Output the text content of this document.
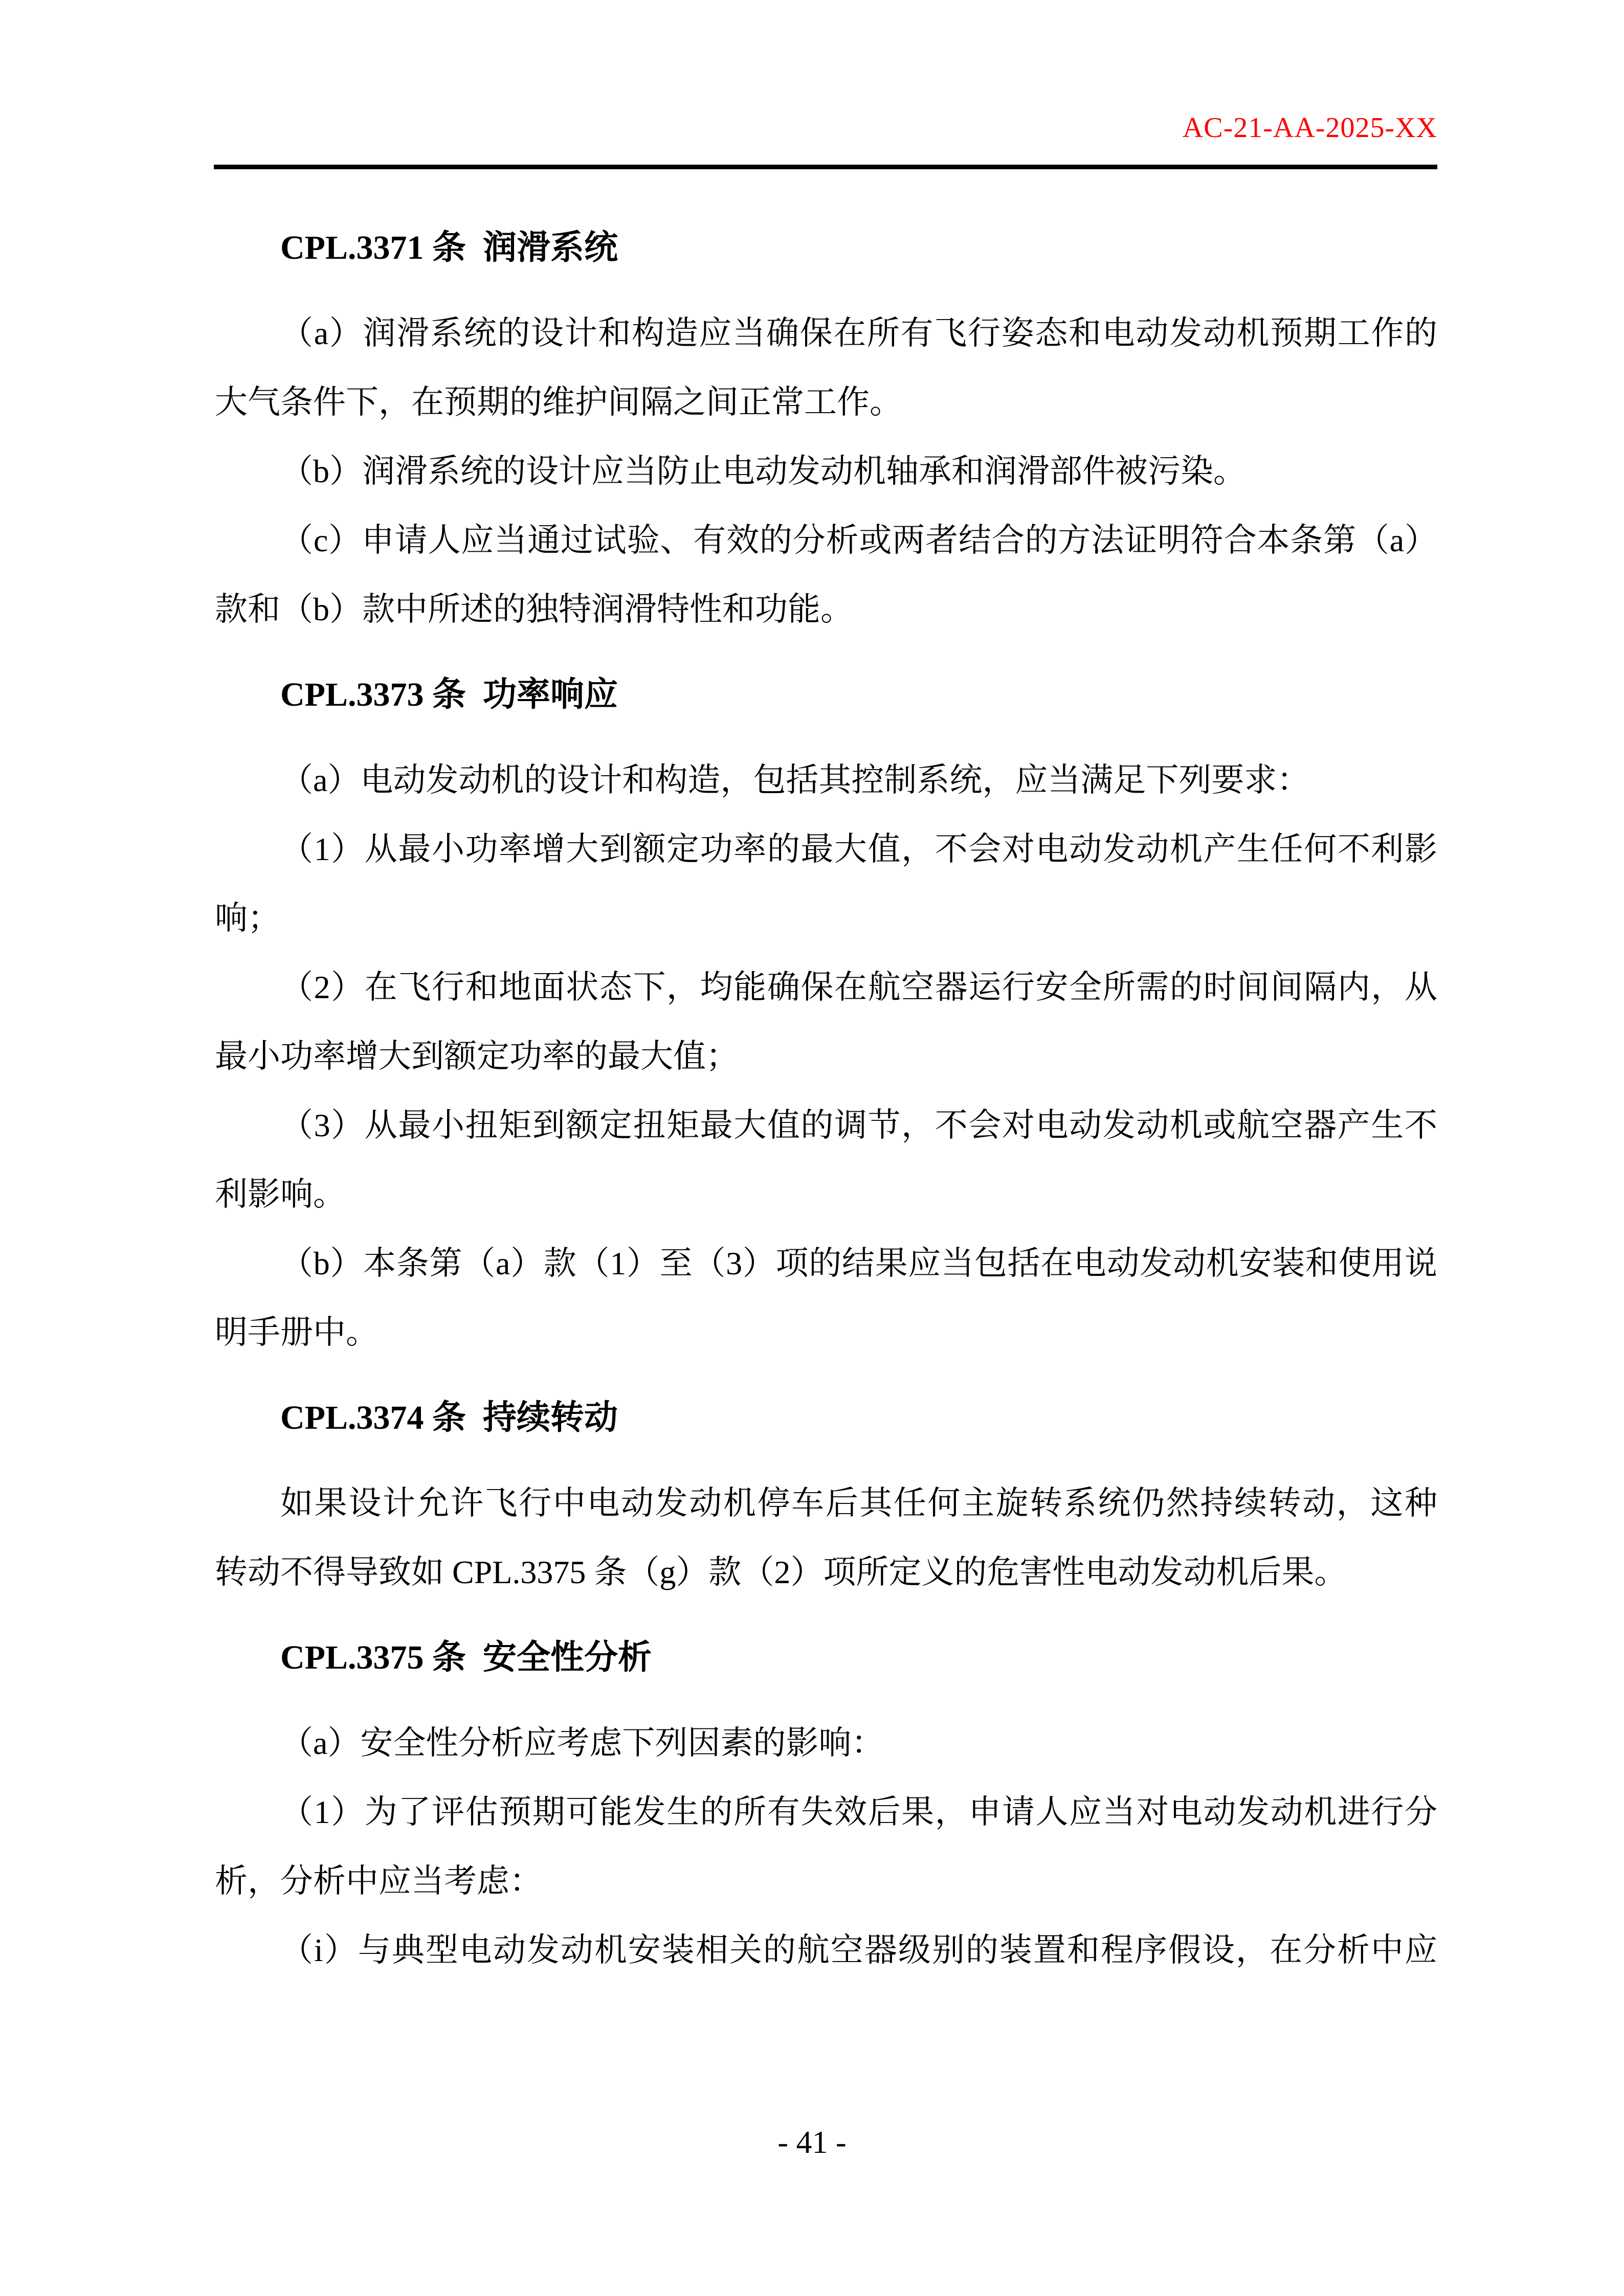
AC-21-AA-2025-XX
CPL.3371 条  润滑系统
（a）润滑系统的设计和构造应当确保在所有飞行姿态和电动发动机预期工作的
大气条件下，在预期的维护间隔之间正常工作。
（b）润滑系统的设计应当防止电动发动机轴承和润滑部件被污染。
（c）申请人应当通过试验、有效的分析或两者结合的方法证明符合本条第（a）
款和（b）款中所述的独特润滑特性和功能。
CPL.3373 条  功率响应
（a）电动发动机的设计和构造，包括其控制系统，应当满足下列要求：
（1）从最小功率增大到额定功率的最大值，不会对电动发动机产生任何不利影
响；
（2）在飞行和地面状态下，均能确保在航空器运行安全所需的时间间隔内，从
最小功率增大到额定功率的最大值；
（3）从最小扭矩到额定扭矩最大值的调节，不会对电动发动机或航空器产生不
利影响。
（b）本条第（a）款（1）至（3）项的结果应当包括在电动发动机安装和使用说
明手册中。
CPL.3374 条  持续转动
如果设计允许飞行中电动发动机停车后其任何主旋转系统仍然持续转动，这种
转动不得导致如 CPL.3375 条（g）款（2）项所定义的危害性电动发动机后果。
CPL.3375 条  安全性分析
（a）安全性分析应考虑下列因素的影响：
（1）为了评估预期可能发生的所有失效后果，申请人应当对电动发动机进行分
析，分析中应当考虑：
（i）与典型电动发动机安装相关的航空器级别的装置和程序假设，在分析中应
- 41 -
